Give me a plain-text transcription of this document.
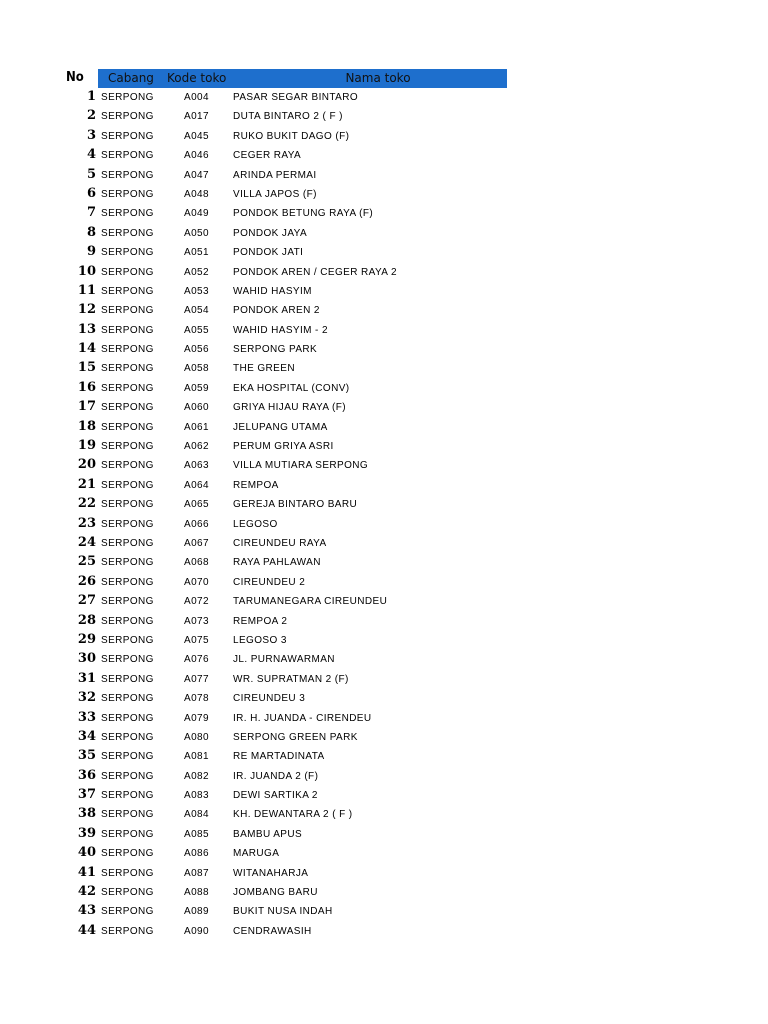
No Cabang Kode toko	Nama toko
1 SERPONG	A004 PASAR SEGAR BINTARO
2 SERPONG	A017 DUTA BINTARO 2 ( F )
3 SERPONG	A045 RUKO BUKIT DAGO (F)
4 SERPONG	A046 CEGER RAYA
5 SERPONG	A047 ARINDA PERMAI
6 SERPONG	A048 VILLA JAPOS (F)
7 SERPONG	A049 PONDOK BETUNG RAYA (F)
8 SERPONG	A050 PONDOK JAYA
9 SERPONG	A051 PONDOK JATI
10 SERPONG	A052 PONDOK AREN / CEGER RAYA 2
11 SERPONG	A053 WAHID HASYIM
12 SERPONG	A054 PONDOK AREN 2
13 SERPONG	A055 WAHID HASYIM - 2
14 SERPONG	A056 SERPONG PARK
15 SERPONG	A058 THE GREEN
16 SERPONG	A059 EKA HOSPITAL (CONV)
17 SERPONG	A060 GRIYA HIJAU RAYA (F)
18 SERPONG	A061 JELUPANG UTAMA
19 SERPONG	A062 PERUM GRIYA ASRI
20 SERPONG	A063 VILLA MUTIARA SERPONG
21 SERPONG	A064 REMPOA
22 SERPONG	A065 GEREJA BINTARO BARU
23 SERPONG	A066 LEGOSO
24 SERPONG	A067 CIREUNDEU RAYA
25 SERPONG	A068 RAYA PAHLAWAN
26 SERPONG	A070 CIREUNDEU 2
27 SERPONG	A072 TARUMANEGARA CIREUNDEU
28 SERPONG	A073 REMPOA 2
29 SERPONG	A075 LEGOSO 3
30 SERPONG	A076 JL. PURNAWARMAN
31 SERPONG	A077 WR. SUPRATMAN 2 (F)
32 SERPONG	A078 CIREUNDEU 3
33 SERPONG	A079 IR. H. JUANDA - CIRENDEU
34 SERPONG	A080 SERPONG GREEN PARK
35 SERPONG	A081 RE MARTADINATA
36 SERPONG	A082 IR. JUANDA 2 (F)
37 SERPONG	A083 DEWI SARTIKA 2
38 SERPONG	A084 KH. DEWANTARA 2 ( F )
39 SERPONG	A085 BAMBU APUS
40 SERPONG	A086 MARUGA
41 SERPONG	A087 WITANAHARJA
42 SERPONG	A088 JOMBANG BARU
43 SERPONG	A089 BUKIT NUSA INDAH
44 SERPONG	A090 CENDRAWASIH
